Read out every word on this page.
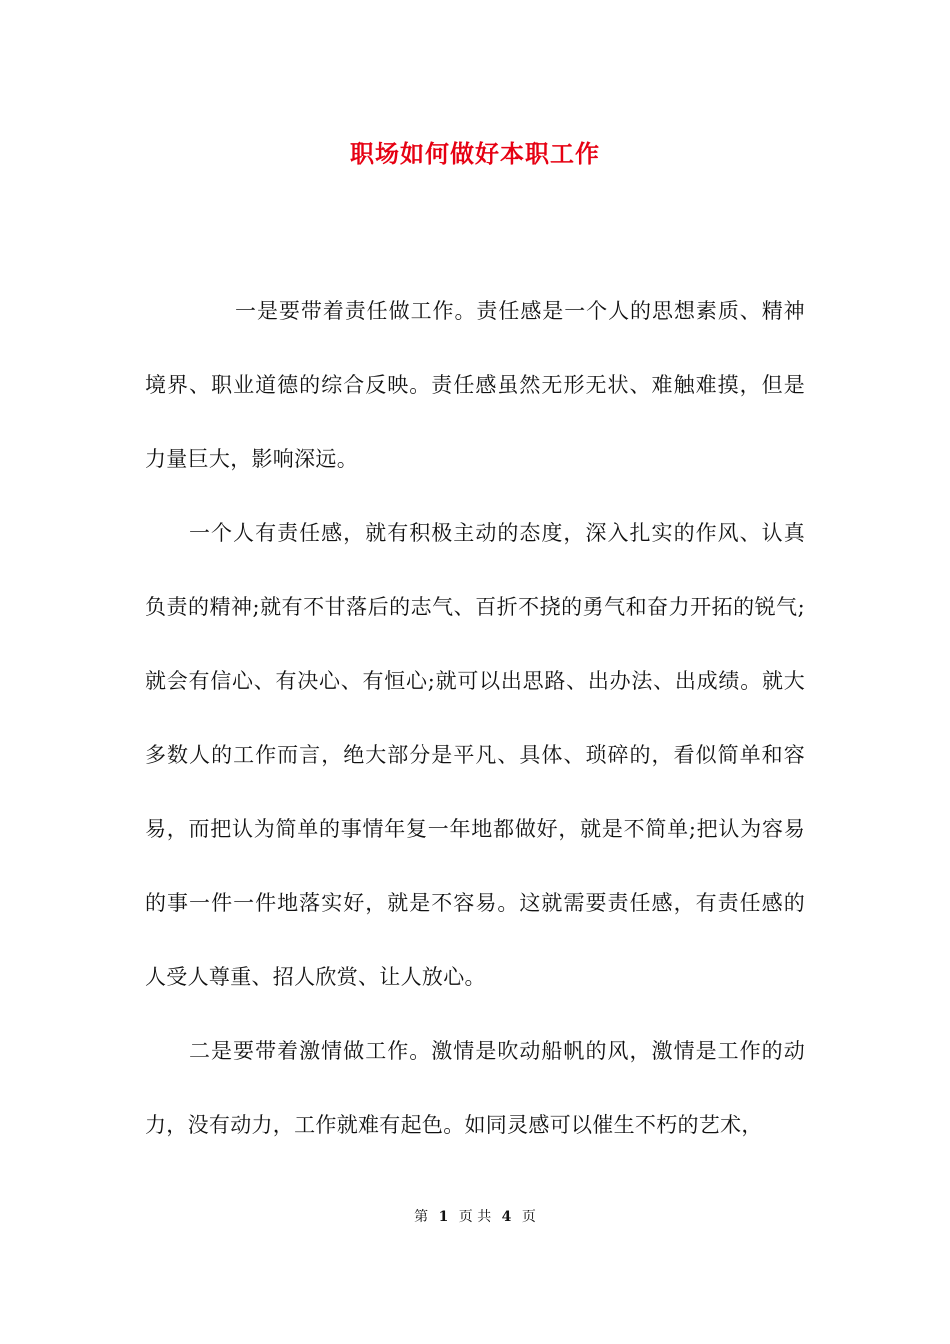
职场如何做好本职工作

一是要带着责任做工作。责任感是一个人的思想素质、精神境界、职业道德的综合反映。责任感虽然无形无状、难触难摸，但是力量巨大，影响深远。

一个人有责任感，就有积极主动的态度，深入扎实的作风、认真负责的精神;就有不甘落后的志气、百折不挠的勇气和奋力开拓的锐气;就会有信心、有决心、有恒心;就可以出思路、出办法、出成绩。就大多数人的工作而言，绝大部分是平凡、具体、琐碎的，看似简单和容易，而把认为简单的事情年复一年地都做好，就是不简单;把认为容易的事一件一件地落实好，就是不容易。这就需要责任感，有责任感的人受人尊重、招人欣赏、让人放心。

二是要带着激情做工作。激情是吹动船帆的风，激情是工作的动力，没有动力，工作就难有起色。如同灵感可以催生不朽的艺术，

第 1 页 共 4 页
